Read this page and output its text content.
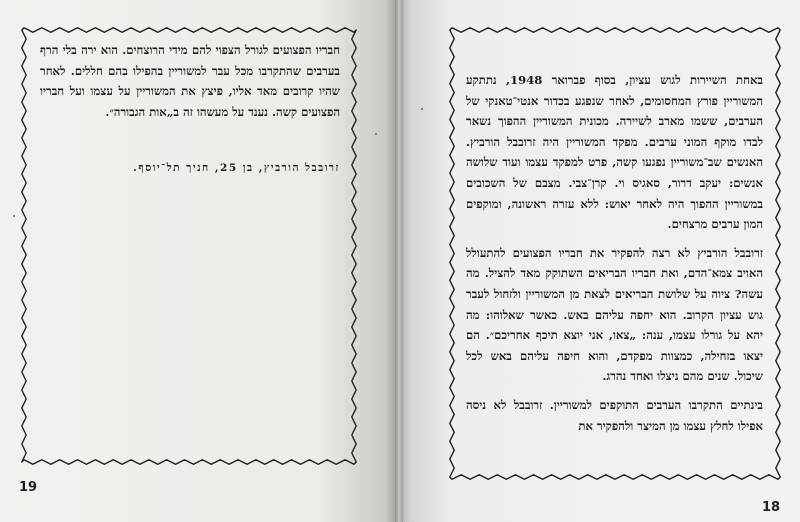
חבריו הפצועים לגורל הצפוי להם מידי הרוצחים. הוא ירה בלי הרף בערבים שהתקרבו מכל עבר למשוריין בהפילו בהם חללים. לאחר שהיו קרובים מאד אליו, פיצץ את המשוריין על עצמו ועל חבריו הפצועים קשה. נענד על מעשהו זה ב„אות הגבורה״.

זרובבל הורביץ, בן 25, חניך תל־יוסף.
19

באחת השיירות לגוש עציון, בסוף פברואר 1948, נתתקע המשוריין פורץ המחסומים, לאחר שנפגע בכדור אנטי־טאנקי של הערבים, ששמו מארב לשיירה. מכונית המשוריין ההפוך נשאר לבדו מוקף המוני ערבים. מפקד המשוריין היה זרובבל הורביץ. האנשים שב־משוריין נפגעו קשה, פרט למפקד עצמו ועוד שלושה אנשים: יעקב דרור, סאגיס וי. קרן־צבי. מצבם של השכובים במשוריין ההפוך היה לאחר יאוש: ללא עזרה ראשונה, ומוקפים המון ערבים מרצחים.

זרובבל הורביץ לא רצה להפקיר את חבריו הפצועים להתעולל האויב צמא־הדם, ואת חבריו הבריאים השתוקק מאד להציל. מה עשה? ציוה על שלושת הבריאים לצאת מן המשוריין ולזחול לעבר גוש עציון הקרוב. הוא יחפה עליהם באש. כאשר שאלוהו: מה יהא על גורלו עצמו, ענה: „צאו, אני יוצא תיכף אחריכם״. הם יצאו בזחילה, כמצוות מפקדם, והוא חיפה עליהם באש לכל שיכול. שנים מהם ניצלו ואחד נהרג.

בינתיים התקרבו הערבים התוקפים למשוריין. זרובבל לא ניסה אפילו לחלץ עצמו מן המיצר ולהפקיר את

18
